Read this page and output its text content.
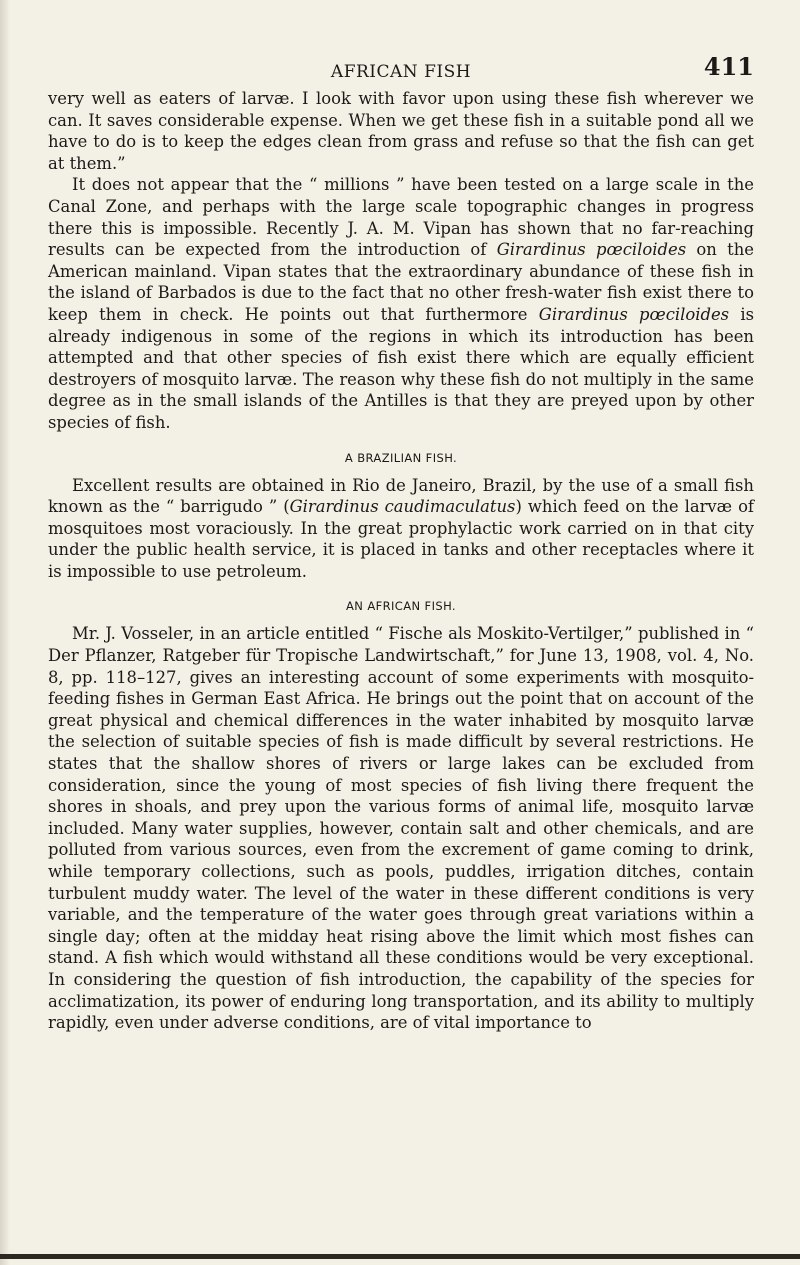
AFRICAN FISH	411

very well as eaters of larvæ. I look with favor upon using these fish wherever we can. It saves considerable expense. When we get these fish in a suitable pond all we have to do is to keep the edges clean from grass and refuse so that the fish can get at them.”

It does not appear that the “ millions ” have been tested on a large scale in the Canal Zone, and perhaps with the large scale topographic changes in progress there this is impossible. Recently J. A. M. Vipan has shown that no far-reaching results can be expected from the introduction of Girardinus pœciloides on the American mainland. Vipan states that the extraordinary abundance of these fish in the island of Barbados is due to the fact that no other fresh-water fish exist there to keep them in check. He points out that furthermore Girardinus pœciloides is already indigenous in some of the regions in which its introduction has been attempted and that other species of fish exist there which are equally efficient destroyers of mosquito larvæ. The reason why these fish do not multiply in the same degree as in the small islands of the Antilles is that they are preyed upon by other species of fish.

A BRAZILIAN FISH.

Excellent results are obtained in Rio de Janeiro, Brazil, by the use of a small fish known as the “ barrigudo ” (Girardinus caudimaculatus) which feed on the larvæ of mosquitoes most voraciously. In the great prophylactic work carried on in that city under the public health service, it is placed in tanks and other receptacles where it is impossible to use petroleum.

AN AFRICAN FISH.

Mr. J. Vosseler, in an article entitled “ Fische als Moskito-Vertilger,” published in “ Der Pflanzer, Ratgeber für Tropische Landwirtschaft,” for June 13, 1908, vol. 4, No. 8, pp. 118–127, gives an interesting account of some experiments with mosquito-feeding fishes in German East Africa. He brings out the point that on account of the great physical and chemical differences in the water inhabited by mosquito larvæ the selection of suitable species of fish is made difficult by several restrictions. He states that the shallow shores of rivers or large lakes can be excluded from consideration, since the young of most species of fish living there frequent the shores in shoals, and prey upon the various forms of animal life, mosquito larvæ included. Many water supplies, however, contain salt and other chemicals, and are polluted from various sources, even from the excrement of game coming to drink, while temporary collections, such as pools, puddles, irrigation ditches, contain turbulent muddy water. The level of the water in these different conditions is very variable, and the temperature of the water goes through great variations within a single day; often at the midday heat rising above the limit which most fishes can stand. A fish which would withstand all these conditions would be very exceptional. In considering the question of fish introduction, the capability of the species for acclimatization, its power of enduring long transportation, and its ability to multiply rapidly, even under adverse conditions, are of vital importance to
